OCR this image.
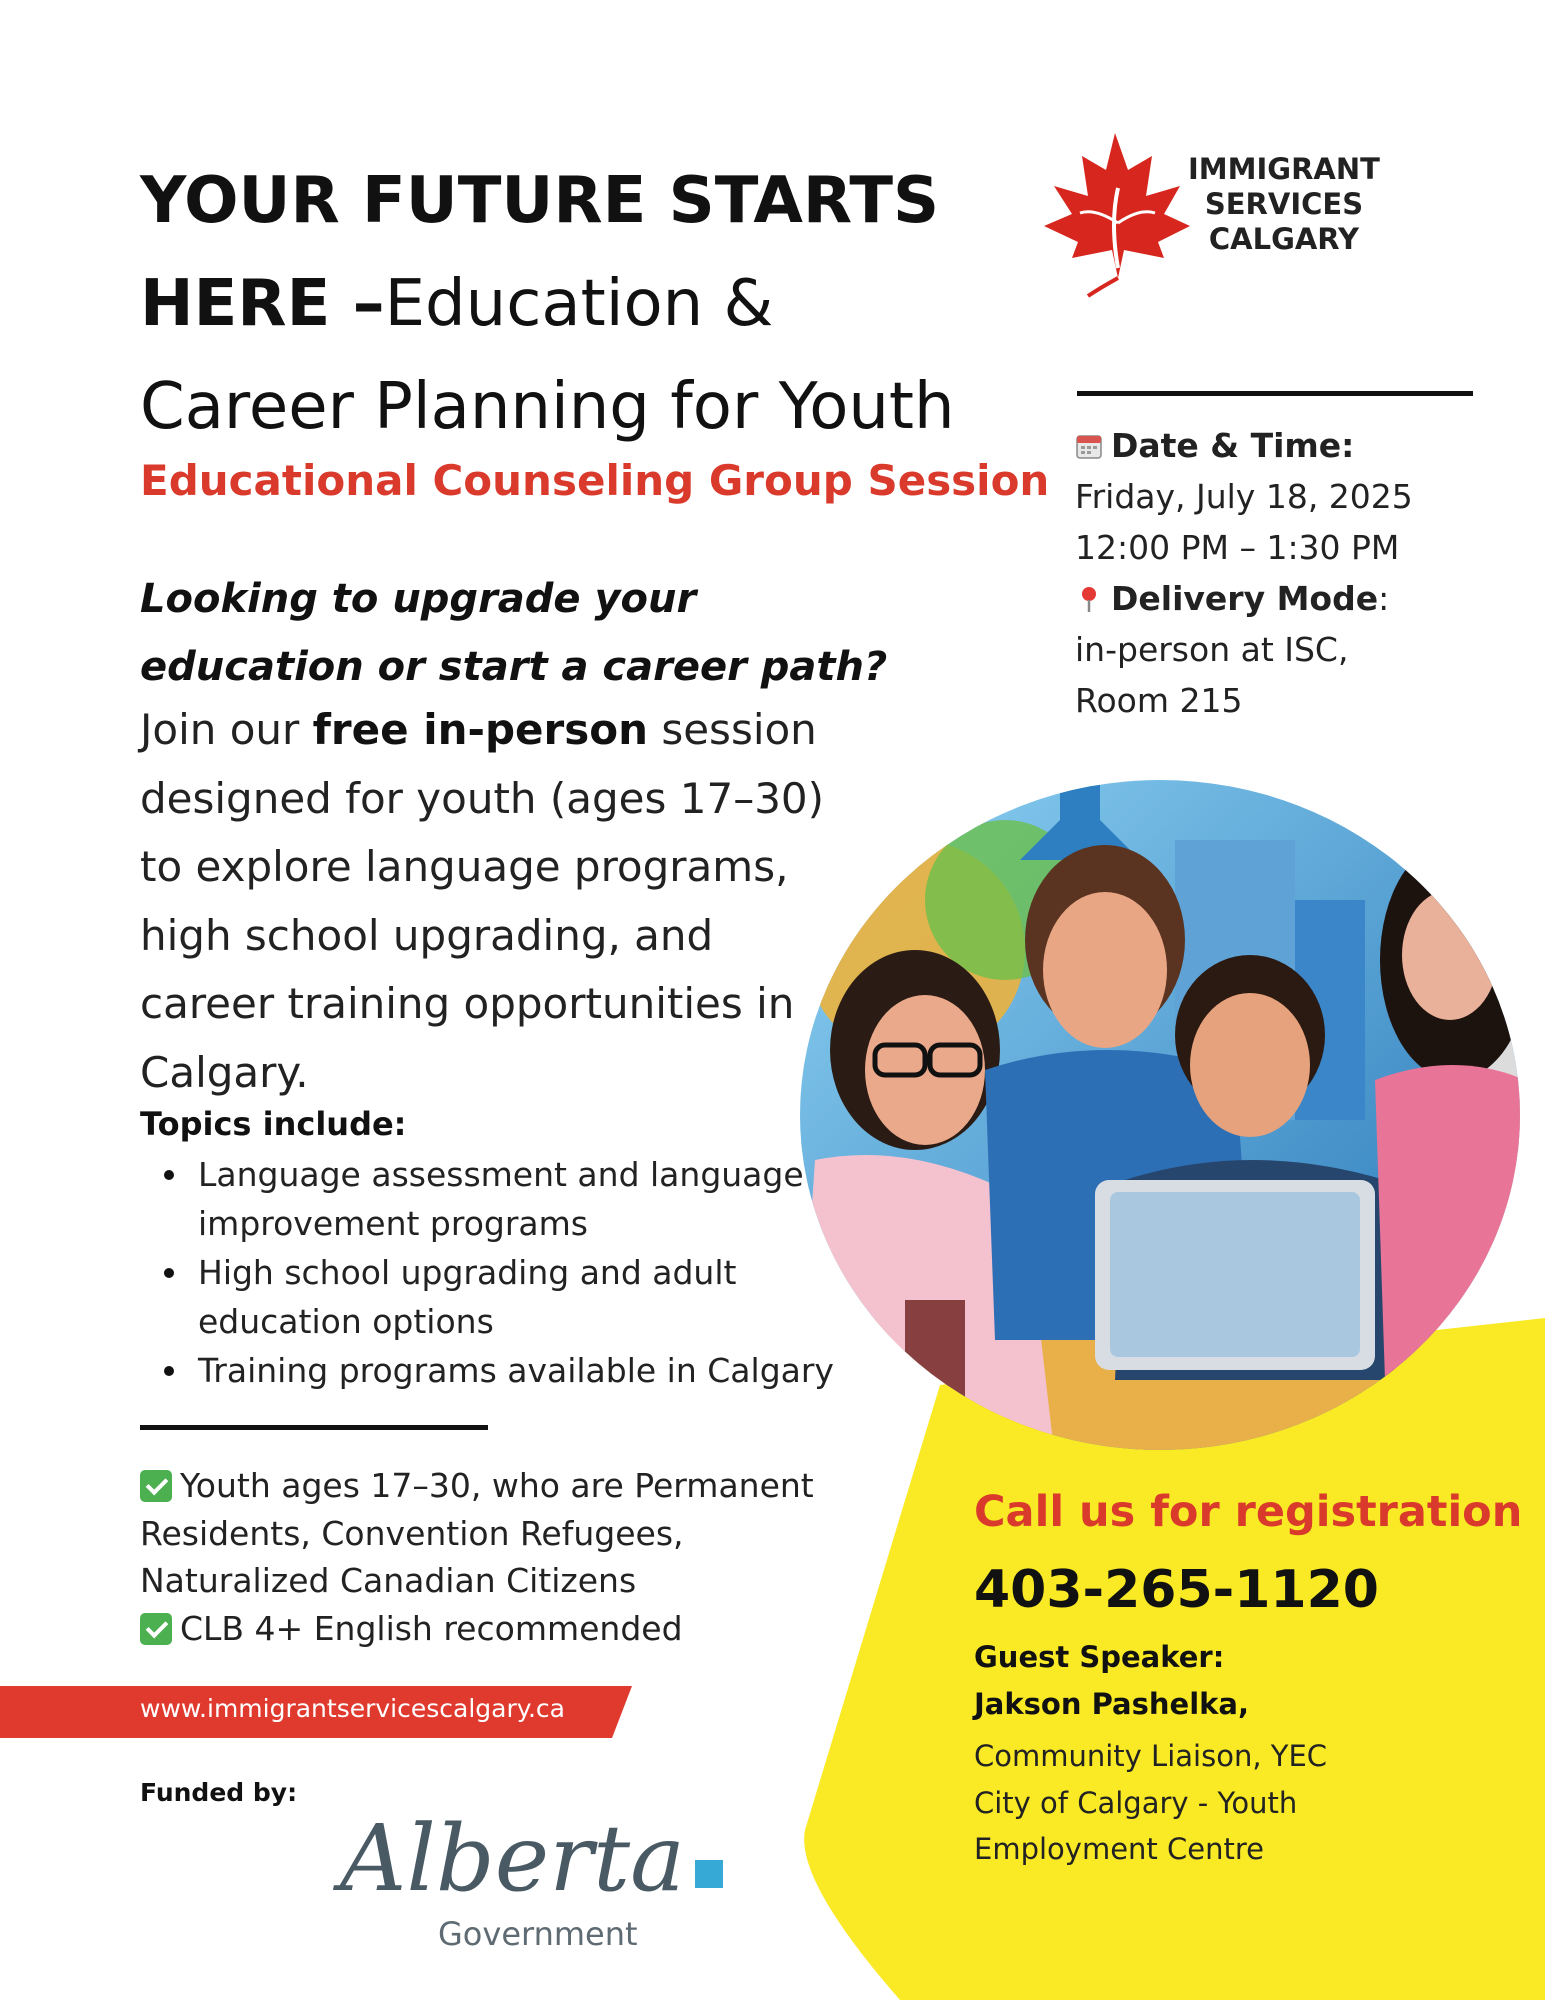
YOUR FUTURE STARTS
HERE –Education &
Career Planning for Youth
Educational Counseling Group Session
IMMIGRANT
SERVICES
CALGARY
Date & Time:
Friday, July 18, 2025
12:00 PM – 1:30 PM
Delivery Mode:
in-person at ISC,
Room 215
Looking to upgrade your
education or start a career path?
Join our free in-person session designed for youth (ages 17–30) to explore language programs, high school upgrading, and career training opportunities in Calgary.
Topics include:
Language assessment and language improvement programs
High school upgrading and adult education options
Training programs available in Calgary
Youth ages 17–30, who are Permanent Residents, Convention Refugees, Naturalized Canadian Citizens
CLB 4+ English recommended
www.immigrantservicescalgary.ca
Funded by:
Alberta
Government
Call us for registration
403-265-1120
Guest Speaker:
Jakson Pashelka,
Community Liaison, YEC
City of Calgary - Youth
Employment Centre
